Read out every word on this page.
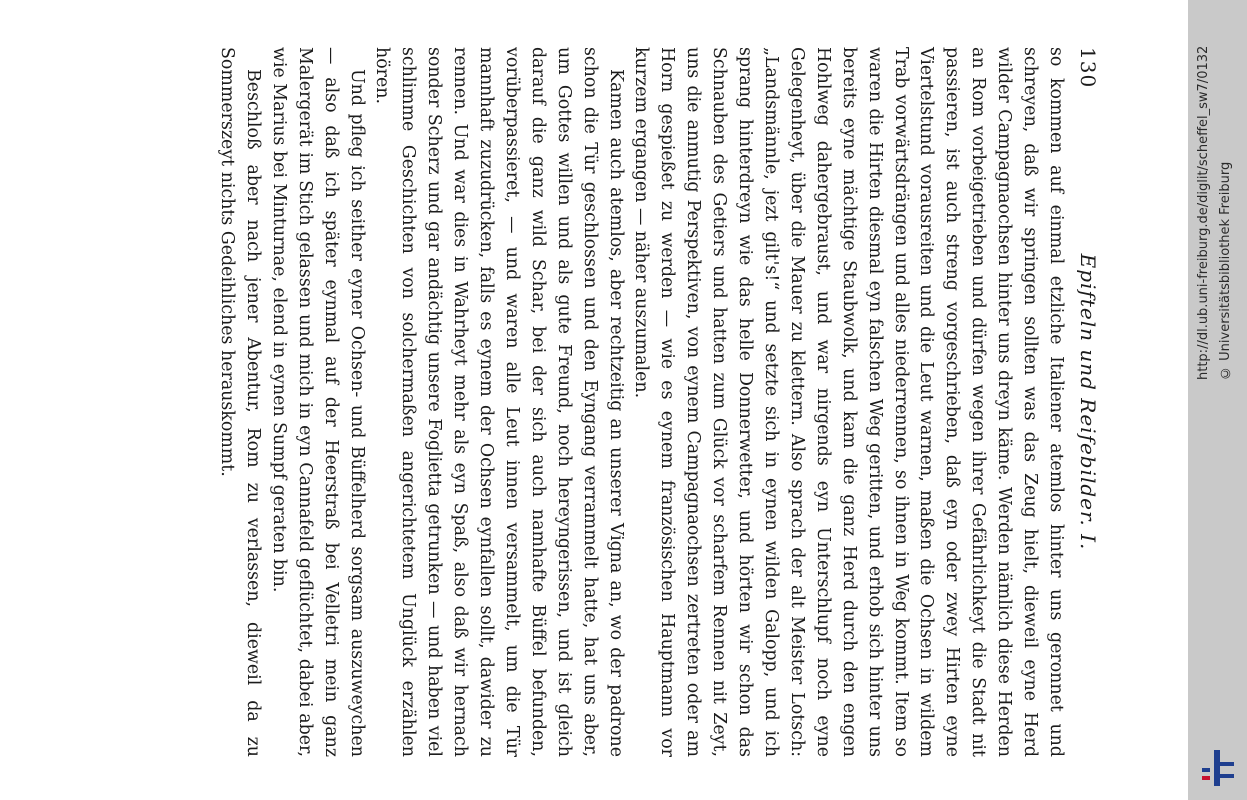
130
Epifteln und Reifebilder. I.

so kommen auf einmal etzliche Italiener atemlos hinter uns geronnet und schreyen, daß wir springen sollten was das Zeug hielt, dieweil eyne Herd wilder Campagnaochsen hinter uns dreyn käme. Werden nämlich diese Herden an Rom vorbeigetrieben und dürfen wegen ihrer Gefährlichkeyt die Stadt nit passieren, ist auch streng vorgeschrieben, daß eyn oder zwey Hirten eyne Viertelstund vorausreiten und die Leut warnen, maßen die Ochsen in wildem Trab vorwärtsdrängen und alles niederrennen, so ihnen in Weg kommt. Item so waren die Hirten diesmal eyn falschen Weg geritten, und erhob sich hinter uns bereits eyne mächtige Staubwolk, und kam die ganz Herd durch den engen Hohlweg dahergebraust, und war nirgends eyn Unterschlupf noch eyne Gelegenheyt, über die Mauer zu klettern. Also sprach der alt Meister Lotsch: „Landsmännle, jezt gilt's!“ und setzte sich in eynen wilden Galopp, und ich sprang hinterdreyn wie das helle Donnerwetter, und hörten wir schon das Schnauben des Getiers und hatten zum Glück vor scharfem Rennen nit Zeyt, uns die anmutig Perspektiven, von eynem Campagnaochsen zertreten oder am Horn gespießet zu werden — wie es eynem französischen Hauptmann vor kurzem ergangen — näher auszumalen.

Kamen auch atemlos, aber rechtzeitig an unserer Vigna an, wo der padrone schon die Tür geschlossen und den Eyngang verrammelt hatte, hat uns aber, um Gottes willen und als gute Freund, noch hereyngerissen, und ist gleich darauf die ganz wild Schar, bei der sich auch namhafte Büffel befunden, vorüberpassieret, — und waren alle Leut innen versammelt, um die Tür mannhaft zuzudrücken, falls es eynem der Ochsen eynfallen sollt, dawider zu rennen. Und war dies in Wahrheyt mehr als eyn Spaß, also daß wir hernach sonder Scherz und gar andächtig unsere Foglietta getrunken — und haben viel schlimme Geschichten von solchermaßen angerichtetem Unglück erzählen hören.

Und pfleg ich seither eyner Ochsen- und Büffelherd sorgsam auszuweychen — also daß ich später eynmal auf der Heerstraß bei Velletri mein ganz Malergerät im Stich gelassen und mich in eyn Cannafeld geflüchtet, dabei aber, wie Marius bei Minturnae, elend in eynen Sumpf geraten bin.

Beschloß aber nach jener Abentur, Rom zu verlassen, dieweil da zu Sommerszeyt nichts Gedeihliches herauskommt.	http://dl.ub.uni-freiburg.de/diglit/scheffel_sw7/0132 © Universitätsbibliothek Freiburg
